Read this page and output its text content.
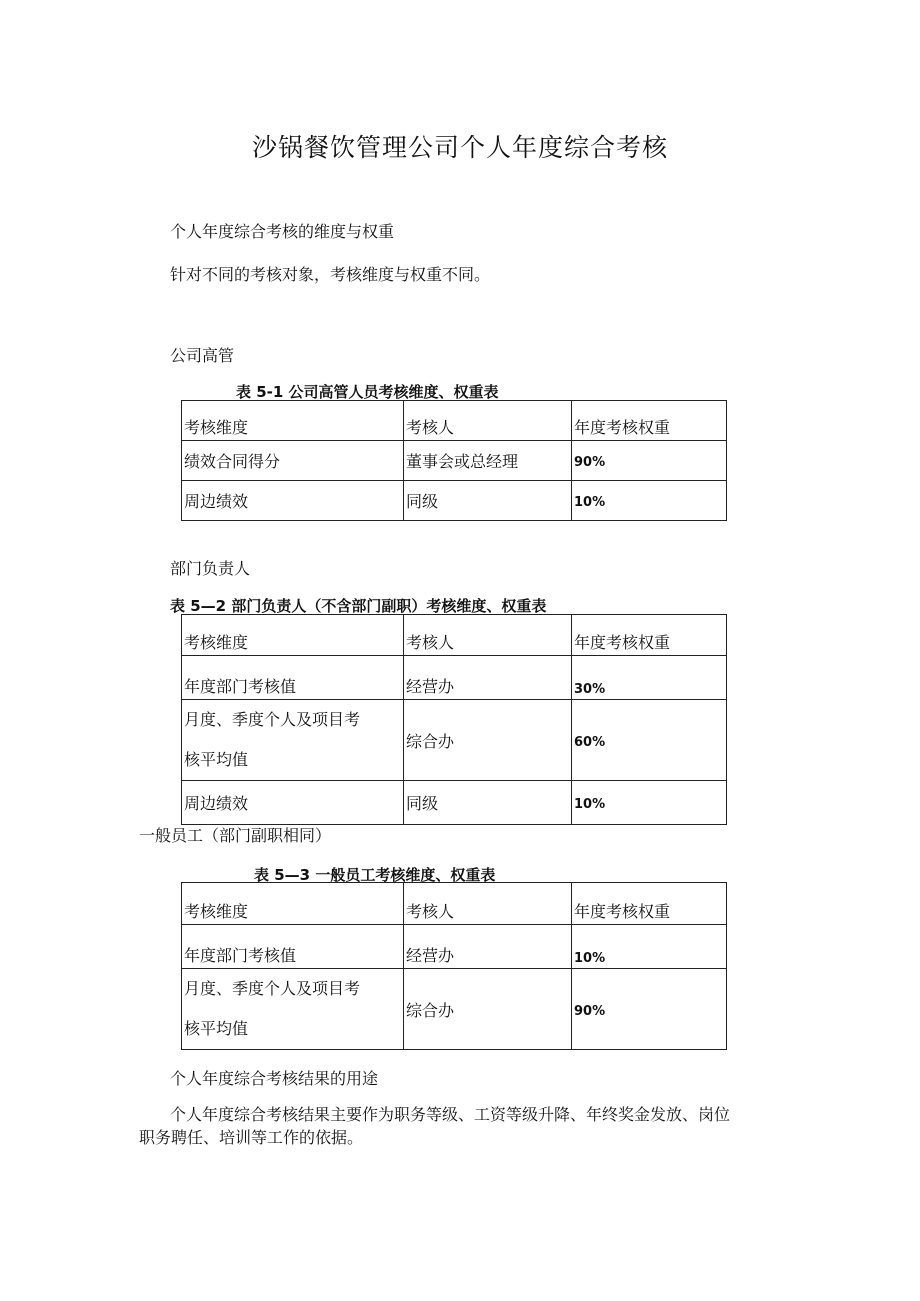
沙锅餐饮管理公司个人年度综合考核
个人年度综合考核的维度与权重
针对不同的考核对象，考核维度与权重不同。
公司高管
表 5-1 公司高管人员考核维度、权重表
考核维度	考核人	年度考核权重
绩效合同得分	董事会或总经理	90%
周边绩效	同级	10%
部门负责人
表 5—2 部门负责人（不含部门副职）考核维度、权重表
考核维度	考核人	年度考核权重
年度部门考核值	经营办	30%

月度、季度个人及项目考
核平均值	综合办	60%
周边绩效	同级	10%
一般员工（部门副职相同）
表 5—3 一般员工考核维度、权重表
考核维度	考核人	年度考核权重
年度部门考核值	经营办	10%

月度、季度个人及项目考
核平均值	综合办	90%
个人年度综合考核结果的用途
个人年度综合考核结果主要作为职务等级、工资等级升降、年终奖金发放、岗位
职务聘任、培训等工作的依据。
